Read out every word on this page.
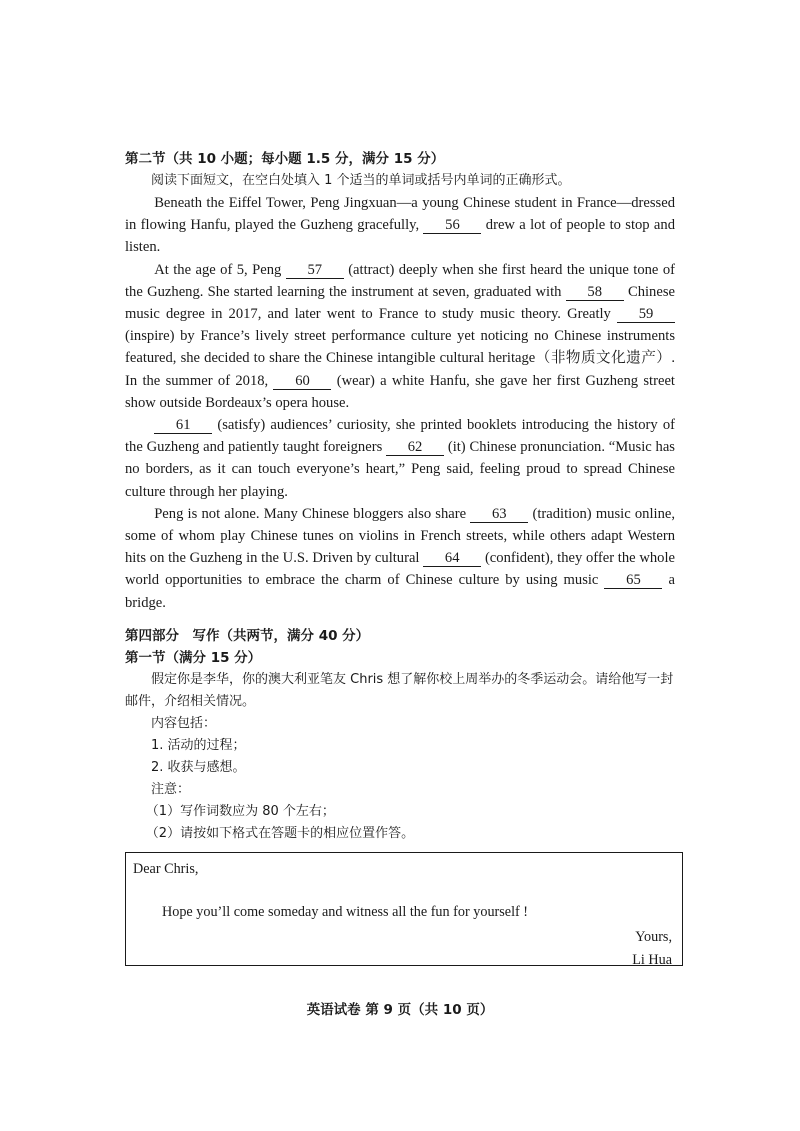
第二节（共 10 小题；每小题 1.5 分，满分 15 分）

阅读下面短文，在空白处填入 1 个适当的单词或括号内单词的正确形式。

Beneath the Eiffel Tower, Peng Jingxuan—a young Chinese student in France—dressed in flowing Hanfu, played the Guzheng gracefully, 56 drew a lot of people to stop and listen.

At the age of 5, Peng 57 (attract) deeply when she first heard the unique tone of the Guzheng. She started learning the instrument at seven, graduated with 58 Chinese music degree in 2017, and later went to France to study music theory. Greatly 59 (inspire) by France’s lively street performance culture yet noticing no Chinese instruments featured, she decided to share the Chinese intangible cultural heritage（非物质文化遗产）. In the summer of 2018, 60 (wear) a white Hanfu, she gave her first Guzheng street show outside Bordeaux’s opera house.

61 (satisfy) audiences’ curiosity, she printed booklets introducing the history of the Guzheng and patiently taught foreigners 62 (it) Chinese pronunciation. “Music has no borders, as it can touch everyone’s heart,” Peng said, feeling proud to spread Chinese culture through her playing.

Peng is not alone. Many Chinese bloggers also share 63 (tradition) music online, some of whom play Chinese tunes on violins in French streets, while others adapt Western hits on the Guzheng in the U.S. Driven by cultural 64 (confident), they offer the whole world opportunities to embrace the charm of Chinese culture by using music 65 a bridge.

第四部分　写作（共两节，满分 40 分）

第一节（满分 15 分）

假定你是李华，你的澳大利亚笔友 Chris 想了解你校上周举办的冬季运动会。请给他写一封邮件，介绍相关情况。

内容包括：

1. 活动的过程；

2. 收获与感想。

注意：

（1）写作词数应为 80 个左右；

（2）请按如下格式在答题卡的相应位置作答。

Dear Chris,
Hope you’ll come someday and witness all the fun for yourself !
Yours,
Li Hua
英语试卷 第 9 页（共 10 页）
